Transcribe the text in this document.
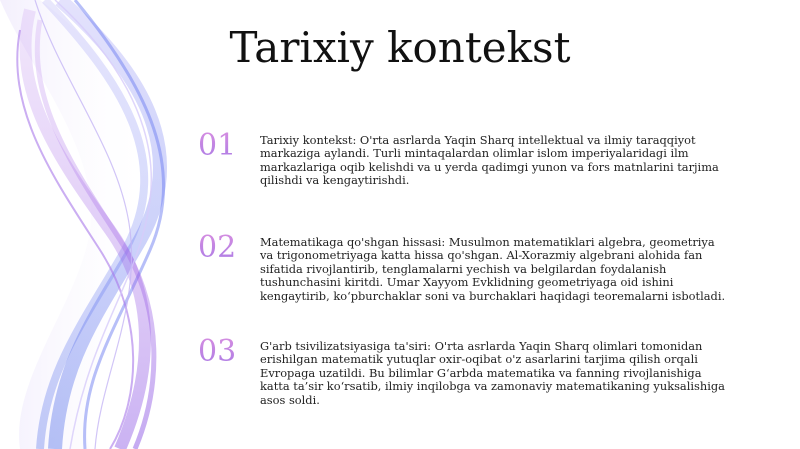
Tarixiy kontekst
01	Tarixiy kontekst: O'rta asrlarda Yaqin Sharq intellektual va ilmiy taraqqiyot markaziga aylandi. Turli mintaqalardan olimlar islom imperiyalaridagi ilm markazlariga oqib kelishdi va u yerda qadimgi yunon va fors matnlarini tarjima qilishdi va kengaytirishdi.
02	Matematikaga qo'shgan hissasi: Musulmon matematiklari algebra, geometriya va trigonometriyaga katta hissa qo'shgan. Al-Xorazmiy algebrani alohida fan sifatida rivojlantirib, tenglamalarni yechish va belgilardan foydalanish tushunchasini kiritdi. Umar Xayyom Evklidning geometriyaga oid ishini kengaytirib, ko‘pburchaklar soni va burchaklari haqidagi teoremalarni isbotladi.
03	G'arb tsivilizatsiyasiga ta'siri: O'rta asrlarda Yaqin Sharq olimlari tomonidan erishilgan matematik yutuqlar oxir-oqibat o'z asarlarini tarjima qilish orqali Evropaga uzatildi. Bu bilimlar G‘arbda matematika va fanning rivojlanishiga katta ta’sir ko‘rsatib, ilmiy inqilobga va zamonaviy matematikaning yuksalishiga asos soldi.
